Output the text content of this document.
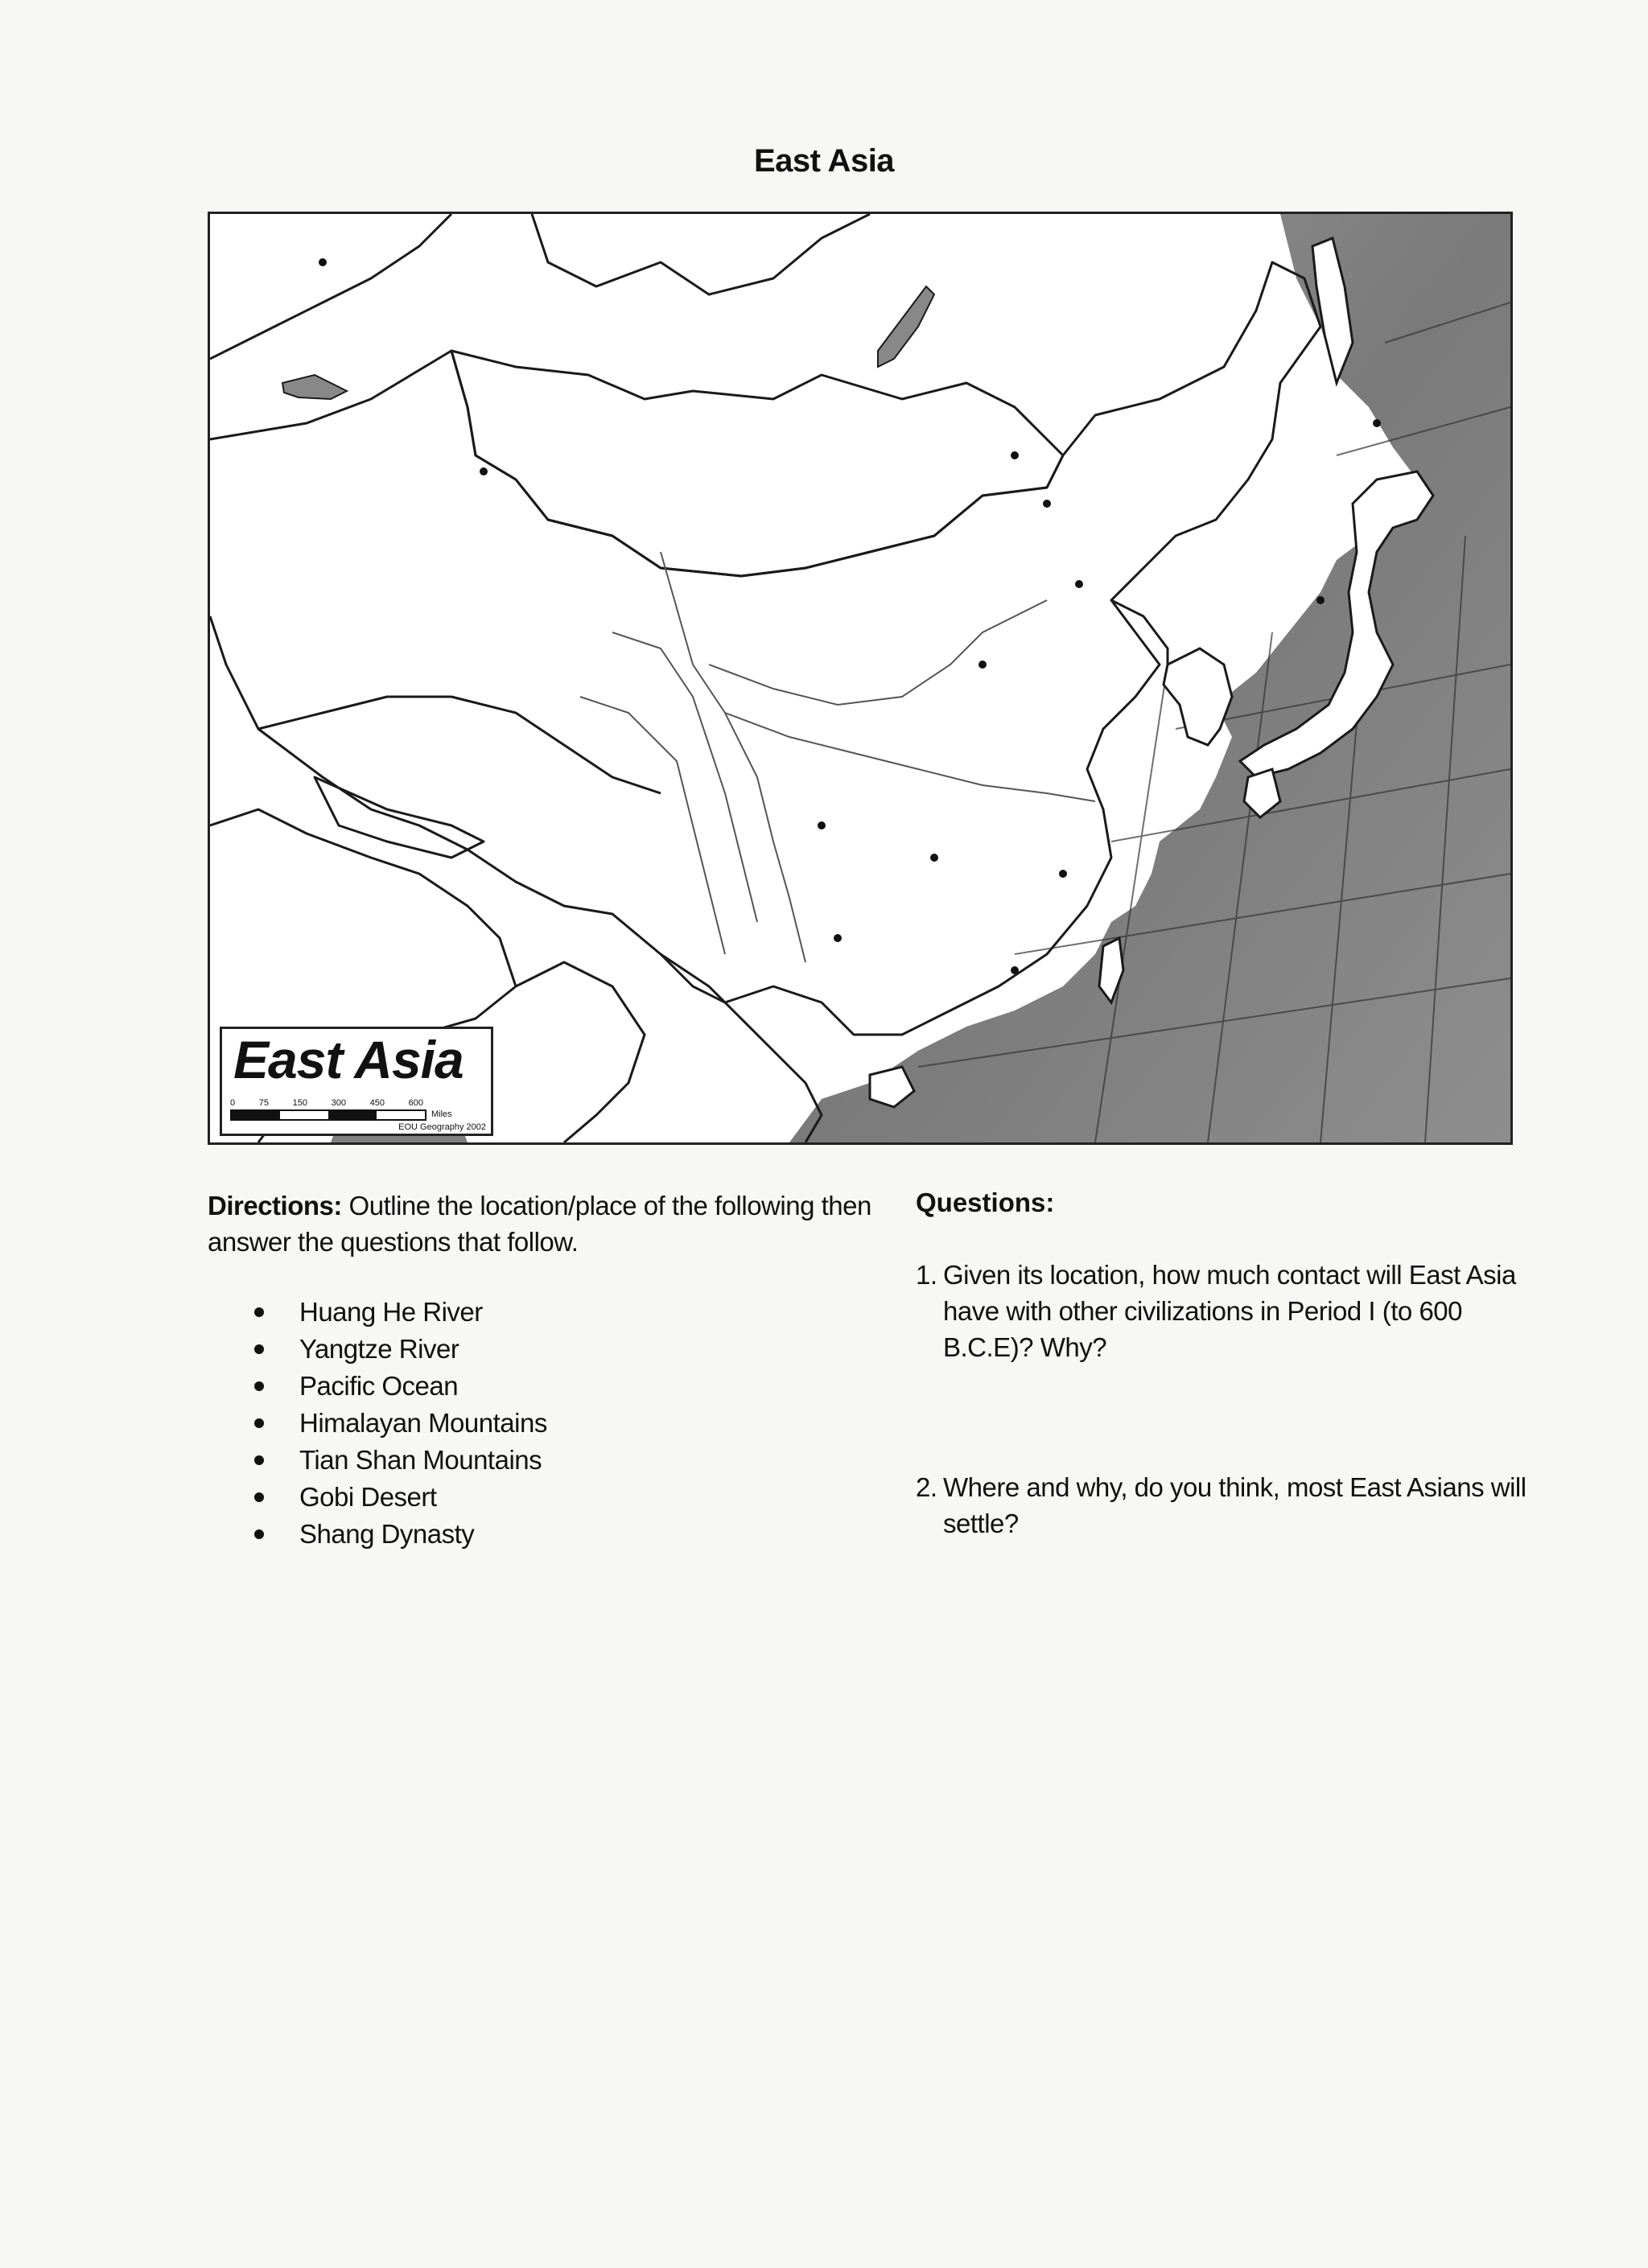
East Asia
East Asia
0	75	150	300	450	600
Miles
EOU Geography 2002
Directions: Outline the location/place of the following then answer the questions that follow.
Huang He River
Yangtze River
Pacific Ocean
Himalayan Mountains
Tian Shan Mountains
Gobi Desert
Shang Dynasty
Questions:
1. Given its location, how much contact will East Asia have with other civilizations in Period I (to 600 B.C.E)? Why?
2. Where and why, do you think, most East Asians will settle?
